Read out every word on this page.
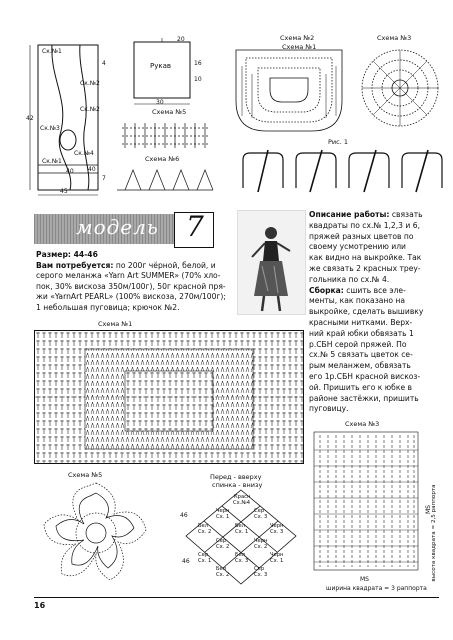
Ск.№1
Ск.№2
Ск.№3
Ск.№4
Ск.№1
Ск.№2
4
42
40
45
40
7
Рукав
20
16
10
30
Схема №5
Схема №6
Схема №2
Схема №1
Схема №3
Рис. 1
модель 7
Размер: 44-46
Вам потребуется: по 200г чёрной, белой, и
серого меланжа «Yarn Art SUMMER» (70% хло-
пок, 30% вискоза 350м/100г), 50г красной пря-
жи «YarnArt PEARL» (100% вискоза, 270м/100г);
1 небольшая пуговица; крючок №2.
Описание работы: связать
квадраты по сх.№ 1,2,3 и 6,
пряжей разных цветов по
своему усмотрению или
как видно на выкройке. Так
же связать 2 красных треу-
гольника по сх.№ 4.
Сборка: сшить все эле-
менты, как показано на
выкройке, сделать вышивку
красными нитками. Верх-
ний край юбки обвязать 1
р.СБН серой пряжей. По
сх.№ 5 связать цветок се-
рым меланжем, обвязать
его 1р.СБН красной вискоз-
ой. Пришить его к юбке в
районе застёжки, пришить
пуговицу.
Схема №1
Схема №5	Перед - вверху
спинка - внизу
Красн
Сх.№4
Черн
Сх. 1
Сер
Сх. 3
Бел
Сх. 2
Бел
Сх. 1
Черн
Сх. 3
Сер
Сх. 2
Черн
Сх. 2
Сер
Сх. 1
Бел
Сх. 3
Черн
Сх. 1
Бел
Сх. 2
Сер
Сх. 3
46
46
Схема №3
MS высота квадрата = 2,5 раппорта
MS
ширина квадрата = 3 раппорта
16
